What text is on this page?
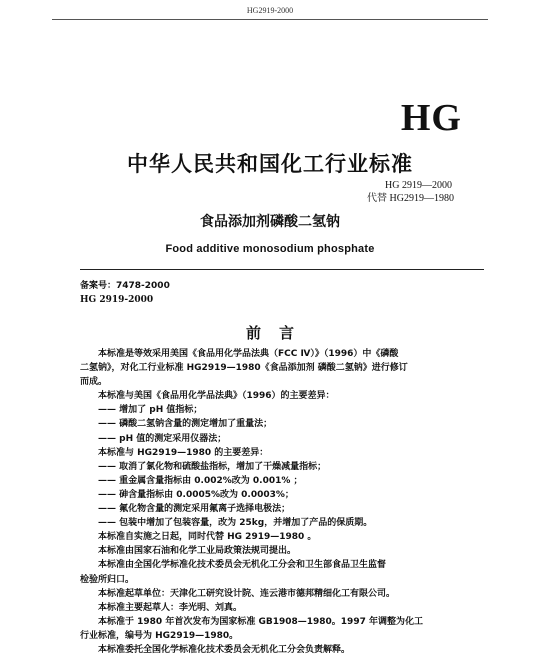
HG2919-2000
HG
中华人民共和国化工行业标准
HG 2919—2000
代替 HG2919—1980
食品添加剂磷酸二氢钠
Food additive monosodium phosphate
备案号：7478-2000
HG 2919-2000
前言
本标准是等效采用美国《食品用化学品法典（FCC Ⅳ）》（1996）中《磷酸
二氢钠》，对化工行业标准 HG2919—1980《食品添加剂 磷酸二氢钠》进行修订
而成。
本标准与美国《食品用化学品法典》（1996）的主要差异：
—— 增加了 pH 值指标；
—— 磷酸二氢钠含量的测定增加了重量法；
—— pH 值的测定采用仪器法；
本标准与 HG2919—1980 的主要差异：
—— 取消了氯化物和硫酸盐指标，增加了干燥减量指标；
—— 重金属含量指标由 0.002%改为 0.001% ；
—— 砷含量指标由 0.0005%改为 0.0003%；
—— 氟化物含量的测定采用氟离子选择电极法；
—— 包装中增加了包装容量，改为 25kg，并增加了产品的保质期。
本标准自实施之日起，同时代替 HG 2919—1980 。
本标准由国家石油和化学工业局政策法规司提出。
本标准由全国化学标准化技术委员会无机化工分会和卫生部食品卫生监督
检验所归口。
本标准起草单位：天津化工研究设计院、连云港市德邦精细化工有限公司。
本标准主要起草人：李光明、刘真。
本标准于 1980 年首次发布为国家标准 GB1908—1980。1997 年调整为化工
行业标准，编号为 HG2919—1980。
本标准委托全国化学标准化技术委员会无机化工分会负责解释。
